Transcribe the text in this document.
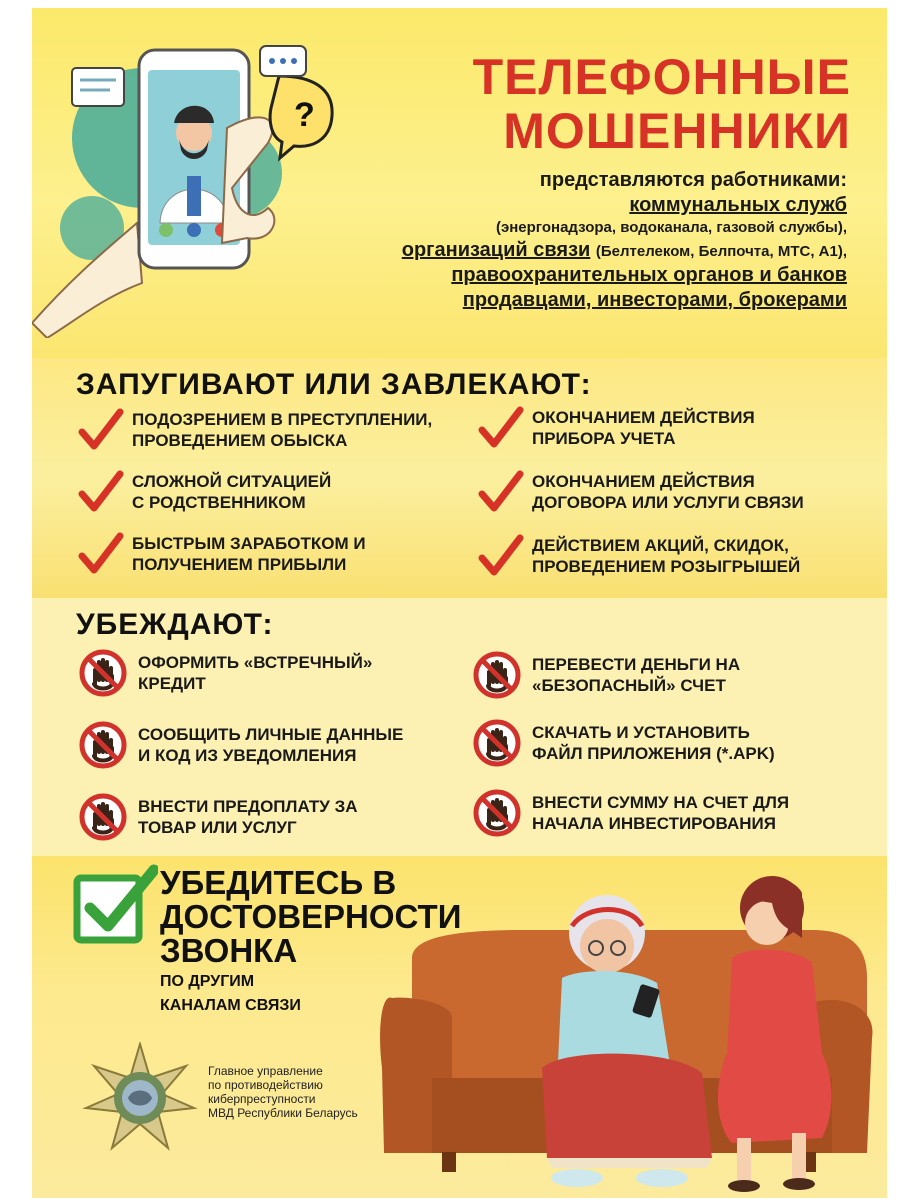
?
ТЕЛЕФОННЫЕ
МОШЕННИКИ
представляются работниками:
коммунальных служб
(энергонадзора, водоканала, газовой службы),
организаций связи (Белтелеком, Белпочта, МТС, А1),
правоохранительных органов и банков
продавцами, инвесторами, брокерами
ЗАПУГИВАЮТ ИЛИ ЗАВЛЕКАЮТ:
ПОДОЗРЕНИЕМ В ПРЕСТУПЛЕНИИ,
ПРОВЕДЕНИЕМ ОБЫСКА
ОКОНЧАНИЕМ ДЕЙСТВИЯ
ПРИБОРА УЧЕТА
СЛОЖНОЙ СИТУАЦИЕЙ
С РОДСТВЕННИКОМ
ОКОНЧАНИЕМ ДЕЙСТВИЯ
ДОГОВОРА ИЛИ УСЛУГИ СВЯЗИ
БЫСТРЫМ ЗАРАБОТКОМ И
ПОЛУЧЕНИЕМ ПРИБЫЛИ
ДЕЙСТВИЕМ АКЦИЙ, СКИДОК,
ПРОВЕДЕНИЕМ РОЗЫГРЫШЕЙ
УБЕЖДАЮТ:
ОФОРМИТЬ «ВСТРЕЧНЫЙ»
КРЕДИТ
ПЕРЕВЕСТИ ДЕНЬГИ НА
«БЕЗОПАСНЫЙ» СЧЕТ
СООБЩИТЬ ЛИЧНЫЕ ДАННЫЕ
И КОД ИЗ УВЕДОМЛЕНИЯ
СКАЧАТЬ И УСТАНОВИТЬ
ФАЙЛ ПРИЛОЖЕНИЯ (*.APK)
ВНЕСТИ ПРЕДОПЛАТУ ЗА
ТОВАР ИЛИ УСЛУГ
ВНЕСТИ СУММУ НА СЧЕТ ДЛЯ
НАЧАЛА ИНВЕСТИРОВАНИЯ
УБЕДИТЕСЬ В
ДОСТОВЕРНОСТИ
ЗВОНКА
ПО ДРУГИМ
КАНАЛАМ СВЯЗИ
Главное управление
по противодействию
киберпреступности
МВД Республики Беларусь
